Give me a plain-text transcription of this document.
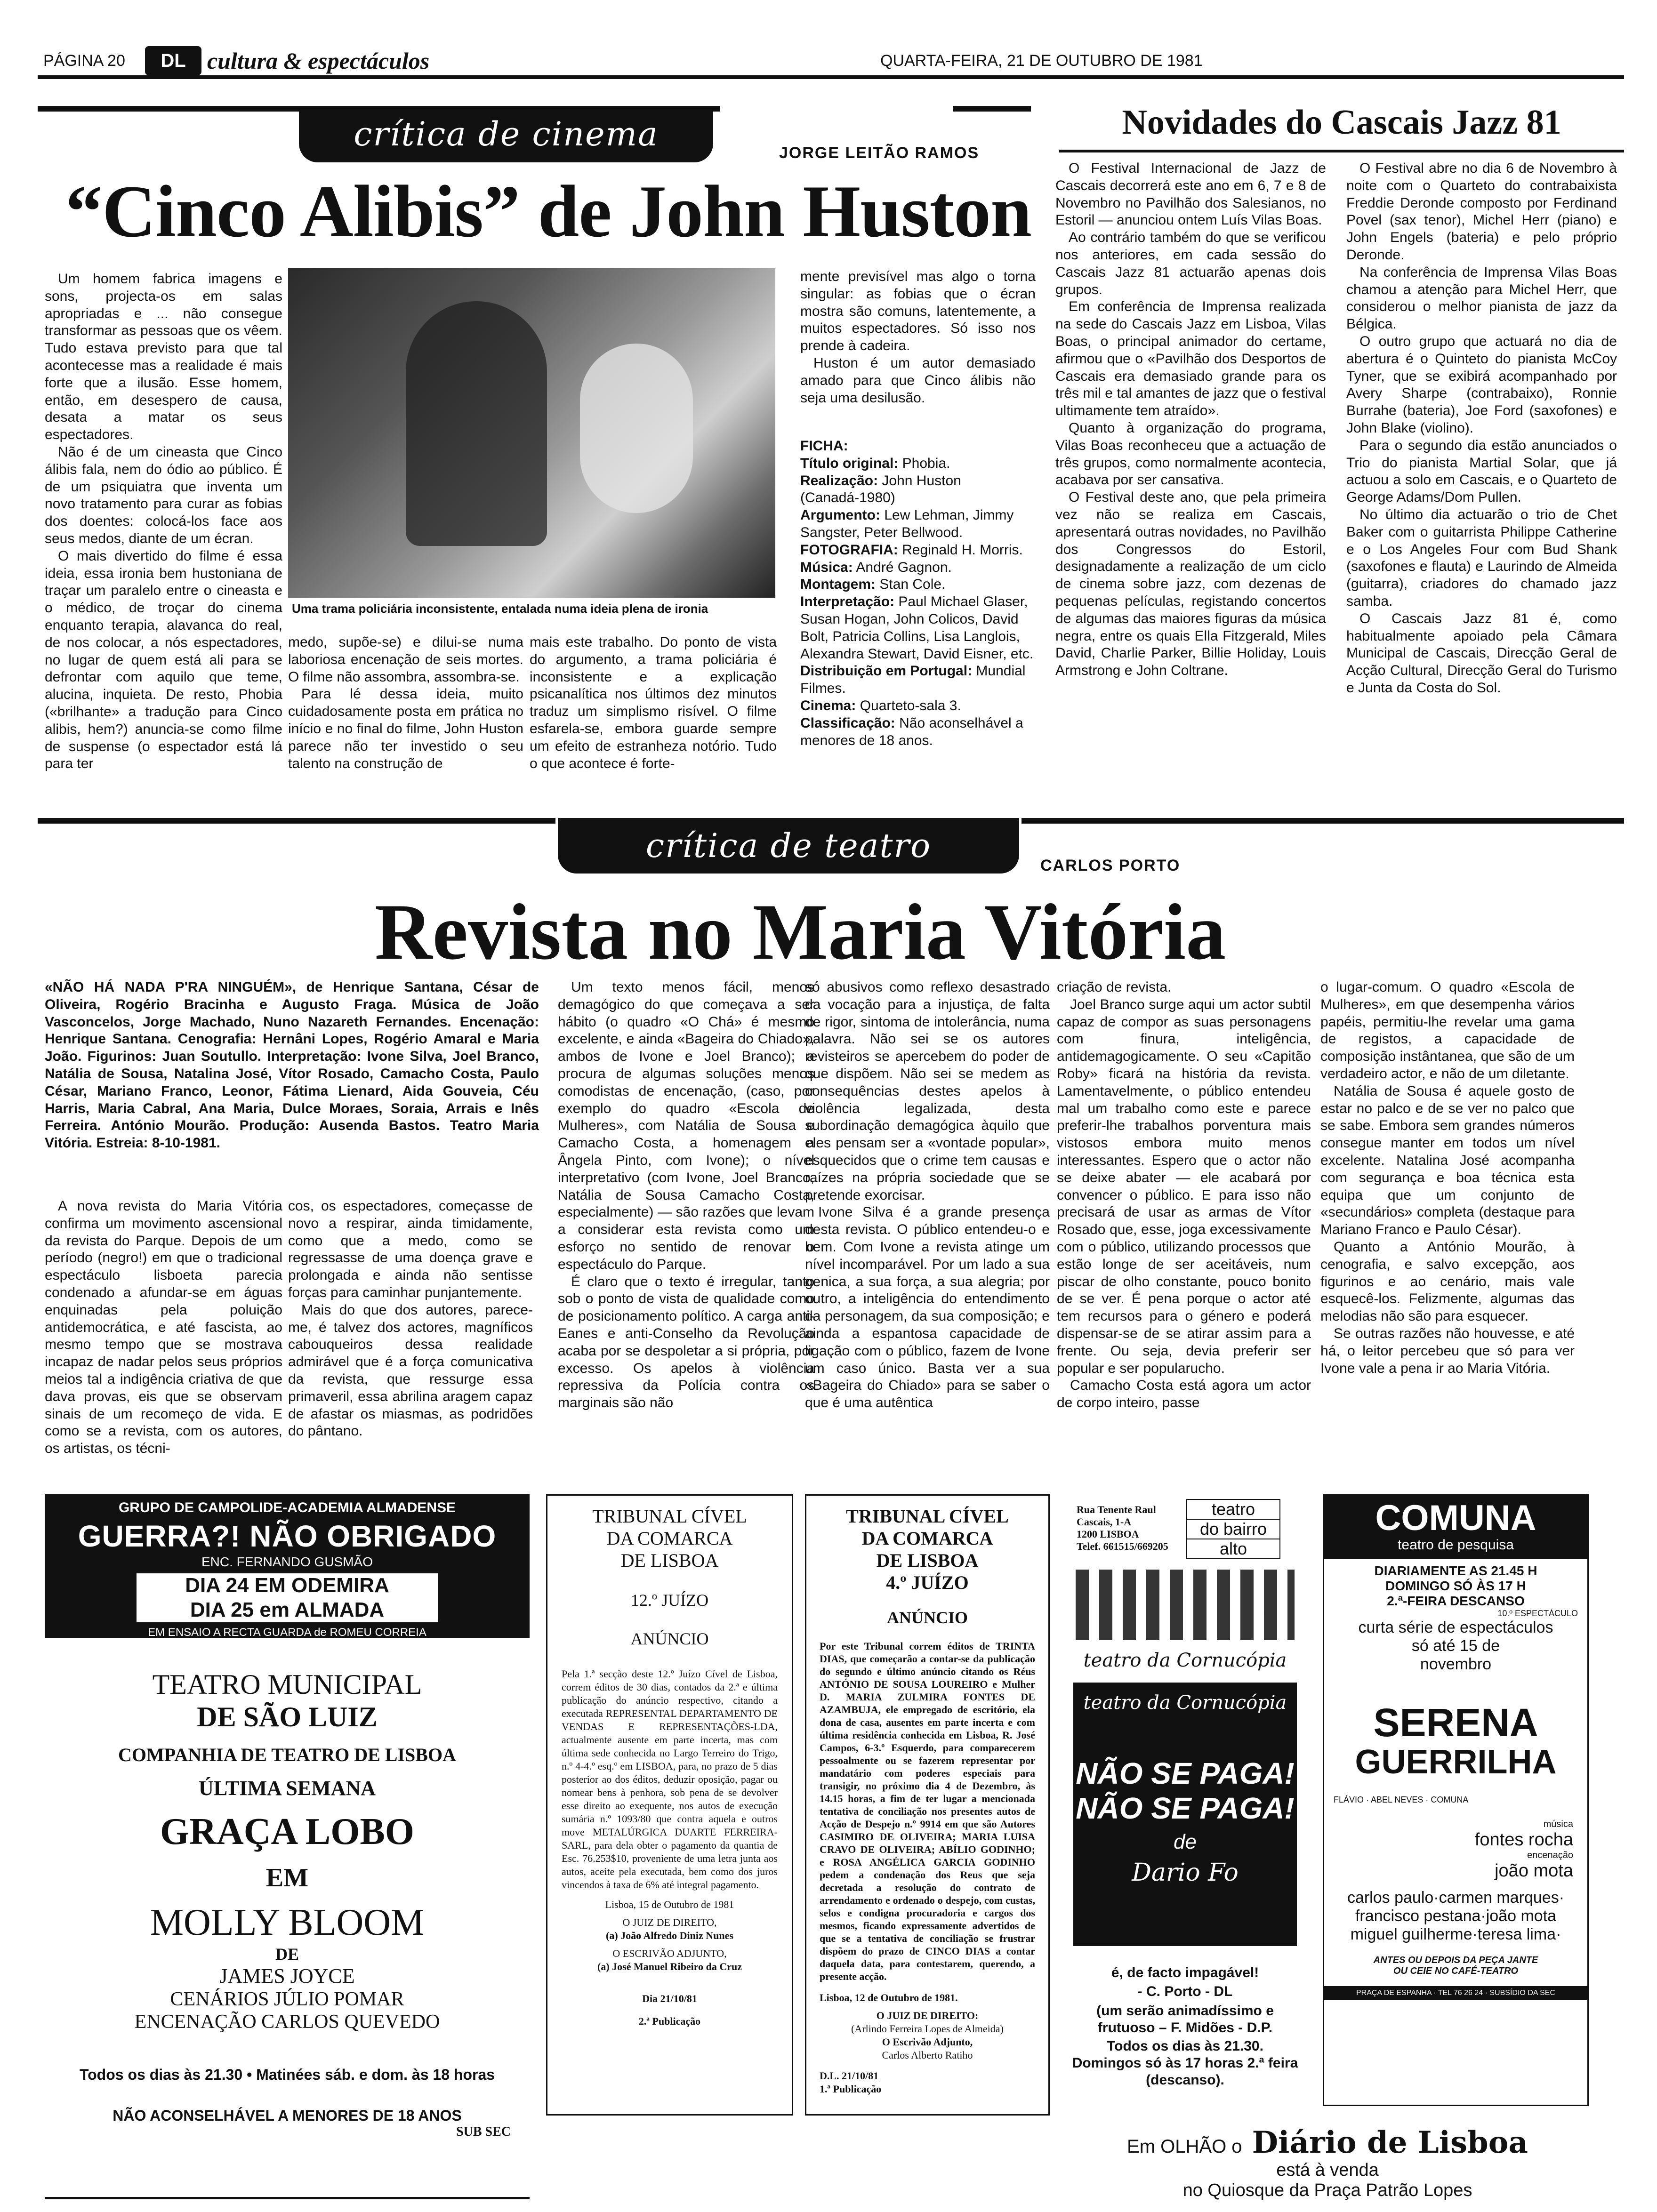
PÁGINA 20	DL cultura & espectáculos	QUARTA-FEIRA, 21 DE OUTUBRO DE 1981
crítica de cinema	JORGE LEITÃO RAMOS
“Cinco Alibis” de John Huston

Um homem fabrica imagens e sons, projecta-os em salas apropriadas e ... não consegue transformar as pessoas que os vêem. Tudo estava previsto para que tal acontecesse mas a realidade é mais forte que a ilusão. Esse homem, então, em desespero de causa, desata a matar os seus espectadores.

Não é de um cineasta que Cinco álibis fala, nem do ódio ao público. É de um psiquiatra que inventa um novo tratamento para curar as fobias dos doentes: colocá-los face aos seus medos, diante de um écran.

O mais divertido do filme é essa ideia, essa ironia bem hustoniana de traçar um paralelo entre o cineasta e o médico, de troçar do cinema enquanto terapia, alavanca do real, de nos colocar, a nós espectadores, no lugar de quem está ali para se defrontar com aquilo que teme, alucina, inquieta. De resto, Phobia («brilhante» a tradução para Cinco alibis, hem?) anuncia-se como filme de suspense (o espectador está lá para ter

Uma trama policiária inconsistente, entalada numa ideia plena de ironia

medo, supõe-se) e dilui-se numa laboriosa encenação de seis mortes. O filme não assombra, assombra-se.

Para lé dessa ideia, muito cuidadosamente posta em prática no início e no final do filme, John Huston parece não ter investido o seu talento na construção de

mais este trabalho. Do ponto de vista do argumento, a trama policiária é inconsistente e a explicação psicanalítica nos últimos dez minutos traduz um simplismo risível. O filme esfarela-se, embora guarde sempre um efeito de estranheza notório. Tudo o que acontece é forte-

mente previsível mas algo o torna singular: as fobias que o écran mostra são comuns, latentemente, a muitos espectadores. Só isso nos prende à cadeira.

Huston é um autor demasiado amado para que Cinco álibis não seja uma desilusão.

FICHA:
Título original: Phobia.
Realização: John Huston (Canadá-1980)
Argumento: Lew Lehman, Jimmy Sangster, Peter Bellwood.
FOTOGRAFIA: Reginald H. Morris.
Música: André Gagnon.
Montagem: Stan Cole.
Interpretação: Paul Michael Glaser, Susan Hogan, John Colicos, David Bolt, Patricia Collins, Lisa Langlois, Alexandra Stewart, David Eisner, etc.
Distribuição em Portugal: Mundial Filmes.
Cinema: Quarteto-sala 3.
Classificação: Não aconselhável a menores de 18 anos.
Novidades do Cascais Jazz 81

O Festival Internacional de Jazz de Cascais decorrerá este ano em 6, 7 e 8 de Novembro no Pavilhão dos Salesianos, no Estoril — anunciou ontem Luís Vilas Boas.

Ao contrário também do que se verificou nos anteriores, em cada sessão do Cascais Jazz 81 actuarão apenas dois grupos.

Em conferência de Imprensa realizada na sede do Cascais Jazz em Lisboa, Vilas Boas, o principal animador do certame, afirmou que o «Pavilhão dos Desportos de Cascais era demasiado grande para os três mil e tal amantes de jazz que o festival ultimamente tem atraído».

Quanto à organização do programa, Vilas Boas reconheceu que a actuação de três grupos, como normalmente acontecia, acabava por ser cansativa.

O Festival deste ano, que pela primeira vez não se realiza em Cascais, apresentará outras novidades, no Pavilhão dos Congressos do Estoril, designadamente a realização de um ciclo de cinema sobre jazz, com dezenas de pequenas películas, registando concertos de algumas das maiores figuras da música negra, entre os quais Ella Fitzgerald, Miles David, Charlie Parker, Billie Holiday, Louis Armstrong e John Coltrane.

O Festival abre no dia 6 de Novembro à noite com o Quarteto do contrabaixista Freddie Deronde composto por Ferdinand Povel (sax tenor), Michel Herr (piano) e John Engels (bateria) e pelo próprio Deronde.

Na conferência de Imprensa Vilas Boas chamou a atenção para Michel Herr, que considerou o melhor pianista de jazz da Bélgica.

O outro grupo que actuará no dia de abertura é o Quinteto do pianista McCoy Tyner, que se exibirá acompanhado por Avery Sharpe (contrabaixo), Ronnie Burrahe (bateria), Joe Ford (saxofones) e John Blake (violino).

Para o segundo dia estão anunciados o Trio do pianista Martial Solar, que já actuou a solo em Cascais, e o Quarteto de George Adams/Dom Pullen.

No último dia actuarão o trio de Chet Baker com o guitarrista Philippe Catherine e o Los Angeles Four com Bud Shank (saxofones e flauta) e Laurindo de Almeida (guitarra), criadores do chamado jazz samba.

O Cascais Jazz 81 é, como habitualmente apoiado pela Câmara Municipal de Cascais, Direcção Geral de Acção Cultural, Direcção Geral do Turismo e Junta da Costa do Sol.

crítica de teatro
CARLOS PORTO
Revista no Maria Vitória

«NÃO HÁ NADA P'RA NINGUÉM», de Henrique Santana, César de Oliveira, Rogério Bracinha e Augusto Fraga. Música de João Vasconcelos, Jorge Machado, Nuno Nazareth Fernandes. Encenação: Henrique Santana. Cenografia: Hernâni Lopes, Rogério Amaral e Maria João. Figurinos: Juan Soutullo. Interpretação: Ivone Silva, Joel Branco, Natália de Sousa, Natalina José, Vítor Rosado, Camacho Costa, Paulo César, Mariano Franco, Leonor, Fátima Lienard, Aida Gouveia, Céu Harris, Maria Cabral, Ana Maria, Dulce Moraes, Soraia, Arrais e Inês Ferreira. António Mourão. Produção: Ausenda Bastos. Teatro Maria Vitória. Estreia: 8-10-1981.

A nova revista do Maria Vitória confirma um movimento ascensional da revista do Parque. Depois de um período (negro!) em que o tradicional espectáculo lisboeta parecia condenado a afundar-se em águas enquinadas pela poluição antidemocrática, e até fascista, ao mesmo tempo que se mostrava incapaz de nadar pelos seus próprios meios tal a indigência criativa de que dava provas, eis que se observam sinais de um recomeço de vida. E como se a revista, com os autores, os artistas, os técni-

cos, os espectadores, começasse de novo a respirar, ainda timidamente, como que a medo, como se regressasse de uma doença grave e prolongada e ainda não sentisse forças para caminhar punjantemente.

Mais do que dos autores, parece-me, é talvez dos actores, magníficos cabouqueiros dessa realidade admirável que é a força comunicativa da revista, que ressurge essa primaveril, essa abrilina aragem capaz de afastar os miasmas, as podridões do pântano.

Um texto menos fácil, menos demagógico do que começava a ser hábito (o quadro «O Chá» é mesmo excelente, e ainda «Bageira do Chiado», ambos de Ivone e Joel Branco); a procura de algumas soluções menos comodistas de encenação, (caso, por exemplo do quadro «Escola de Mulheres», com Natália de Sousa e Camacho Costa, a homenagem a Ângela Pinto, com Ivone); o nível interpretativo (com Ivone, Joel Branco, Natália de Sousa Camacho Costa, especialmente) — são razões que levam a considerar esta revista como um esforço no sentido de renovar o espectáculo do Parque.

É claro que o texto é irregular, tanto sob o ponto de vista de qualidade como de posicionamento político. A carga anti-Eanes e anti-Conselho da Revolução acaba por se despoletar a si própria, por excesso. Os apelos à violência repressiva da Polícia contra os marginais são não

só abusivos como reflexo desastrado da vocação para a injustiça, de falta de rigor, sintoma de intolerância, numa palavra. Não sei se os autores revisteiros se apercebem do poder de que dispõem. Não sei se medem as consequências destes apelos à violência legalizada, desta subordinação demagógica àquilo que eles pensam ser a «vontade popular», esquecidos que o crime tem causas e raízes na própria sociedade que se pretende exorcisar.

Ivone Silva é a grande presença desta revista. O público entendeu-o e bem. Com Ivone a revista atinge um nível incomparável. Por um lado a sua genica, a sua força, a sua alegria; por outro, a inteligência do entendimento da personagem, da sua composição; e ainda a espantosa capacidade de ligação com o público, fazem de Ivone um caso único. Basta ver a sua «Bageira do Chiado» para se saber o que é uma autêntica

criação de revista.

Joel Branco surge aqui um actor subtil capaz de compor as suas personagens com finura, inteligência, antidemagogicamente. O seu «Capitão Roby» ficará na história da revista. Lamentavelmente, o público entendeu mal um trabalho como este e parece preferir-lhe trabalhos porventura mais vistosos embora muito menos interessantes. Espero que o actor não se deixe abater — ele acabará por convencer o público. E para isso não precisará de usar as armas de Vítor Rosado que, esse, joga excessivamente com o público, utilizando processos que estão longe de ser aceitáveis, num piscar de olho constante, pouco bonito de se ver. É pena porque o actor até tem recursos para o género e poderá dispensar-se de se atirar assim para a frente. Ou seja, devia preferir ser popular e ser popularucho.

Camacho Costa está agora um actor de corpo inteiro, passe

o lugar-comum. O quadro «Escola de Mulheres», em que desempenha vários papéis, permitiu-lhe revelar uma gama de registos, a capacidade de composição instântanea, que são de um verdadeiro actor, e não de um diletante.

Natália de Sousa é aquele gosto de estar no palco e de se ver no palco que se sabe. Embora sem grandes números consegue manter em todos um nível excelente. Natalina José acompanha com segurança e boa técnica esta equipa que um conjunto de «secundários» completa (destaque para Mariano Franco e Paulo César).

Quanto a António Mourão, à cenografia, e salvo excepção, aos figurinos e ao cenário, mais vale esquecê-los. Felizmente, algumas das melodias não são para esquecer.

Se outras razões não houvesse, e até há, o leitor percebeu que só para ver Ivone vale a pena ir ao Maria Vitória.

GRUPO DE CAMPOLIDE-ACADEMIA ALMADENSE
GUERRA?! NÃO OBRIGADO
ENC. FERNANDO GUSMÃO
DIA 24 EM ODEMIRA
DIA 25 em ALMADA
EM ENSAIO A RECTA GUARDA de ROMEU CORREIA
TEATRO MUNICIPAL
DE SÃO LUIZ
COMPANHIA DE TEATRO DE LISBOA
ÚLTIMA SEMANA
GRAÇA LOBO
EM
MOLLY BLOOM
DE
JAMES JOYCE
CENÁRIOS JÚLIO POMAR
ENCENAÇÃO CARLOS QUEVEDO
Todos os dias às 21.30 • Matinées sáb. e dom. às 18 horas
NÃO ACONSELHÁVEL A MENORES DE 18 ANOS
SUB SEC
TRIBUNAL CÍVEL
DA COMARCA
DE LISBOA
12.º JUÍZO
ANÚNCIO
Pela 1.ª secção deste 12.º Juízo Cível de Lisboa, correm éditos de 30 dias, contados da 2.ª e última publicação do anúncio respectivo, citando a executada REPRESENTAL DEPARTAMENTO DE VENDAS E REPRESENTAÇÕES-LDA, actualmente ausente em parte incerta, mas com última sede conhecida no Largo Terreiro do Trigo, n.º 4-4.º esq.º em LISBOA, para, no prazo de 5 dias posterior ao dos éditos, deduzir oposição, pagar ou nomear bens à penhora, sob pena de se devolver esse direito ao exequente, nos autos de execução sumária n.º 1093/80 que contra aquela e outros move METALÚRGICA DUARTE FERREIRA-SARL, para dela obter o pagamento da quantia de Esc. 76.253$10, proveniente de uma letra junta aos autos, aceite pela executada, bem como dos juros vincendos à taxa de 6% até integral pagamento.
Lisboa, 15 de Outubro de 1981
O JUIZ DE DIREITO,
(a) João Alfredo Diniz Nunes
O ESCRIVÃO ADJUNTO,
(a) José Manuel Ribeiro da Cruz
Dia 21/10/81
2.ª Publicação
TRIBUNAL CÍVEL
DA COMARCA
DE LISBOA
4.º JUÍZO
ANÚNCIO
Por este Tribunal correm éditos de TRINTA DIAS, que começarão a contar-se da publicação do segundo e último anúncio citando os Réus ANTÓNIO DE SOUSA LOUREIRO e Mulher D. MARIA ZULMIRA FONTES DE AZAMBUJA, ele empregado de escritório, ela dona de casa, ausentes em parte incerta e com última residência conhecida em Lisboa, R. José Campos, 6-3.º Esquerdo, para comparecerem pessoalmente ou se fazerem representar por mandatário com poderes especiais para transigir, no próximo dia 4 de Dezembro, às 14.15 horas, a fim de ter lugar a mencionada tentativa de conciliação nos presentes autos de Acção de Despejo n.º 9914 em que são Autores CASIMIRO DE OLIVEIRA; MARIA LUISA CRAVO DE OLIVEIRA; ABÍLIO GODINHO; e ROSA ANGÉLICA GARCIA GODINHO pedem a condenação dos Reus que seja decretada a resolução do contrato de arrendamento e ordenado o despejo, com custas, selos e condigna procuradoria e cargos dos mesmos, ficando expressamente advertidos de que se a tentativa de conciliação se frustrar dispõem do prazo de CINCO DIAS a contar daquela data, para contestarem, querendo, a presente acção.
Lisboa, 12 de Outubro de 1981.
O JUIZ DE DIREITO:
(Arlindo Ferreira Lopes de Almeida)
O Escrivão Adjunto,
Carlos Alberto Ratiho
D.L. 21/10/81
1.ª Publicação
Rua Tenente Raul
Cascais, 1-A
1200 LISBOA
Telef. 661515/669205
teatro
do bairro
alto
teatro da Cornucópia
teatro da Cornucópia
NÃO SE PAGA!
NÃO SE PAGA!
de
Dario Fo
é, de facto impagável!
- C. Porto - DL
(um serão animadíssimo e frutuoso – F. Midões - D.P.
Todos os dias às 21.30. Domingos só às 17 horas 2.ª feira (descanso).
COMUNA
teatro de pesquisa
DIARIAMENTE AS 21.45 H
DOMINGO SÓ ÀS 17 H
2.ª-FEIRA DESCANSO
10.º ESPECTÁCULO
curta série de espectáculos
só até 15 de
novembro
SERENA
GUERRILHA
FLÁVIO · ABEL NEVES · COMUNA
música
fontes rocha
encenação
joão mota
carlos paulo·carmen marques·
francisco pestana·joão mota
miguel guilherme·teresa lima·
ANTES OU DEPOIS DA PEÇA JANTE
OU CEIE NO CAFÉ-TEATRO
PRAÇA DE ESPANHA · TEL 76 26 24 · SUBSÍDIO DA SEC
Em OLHÃO o Diário de Lisboa
está à venda
no Quiosque da Praça Patrão Lopes
